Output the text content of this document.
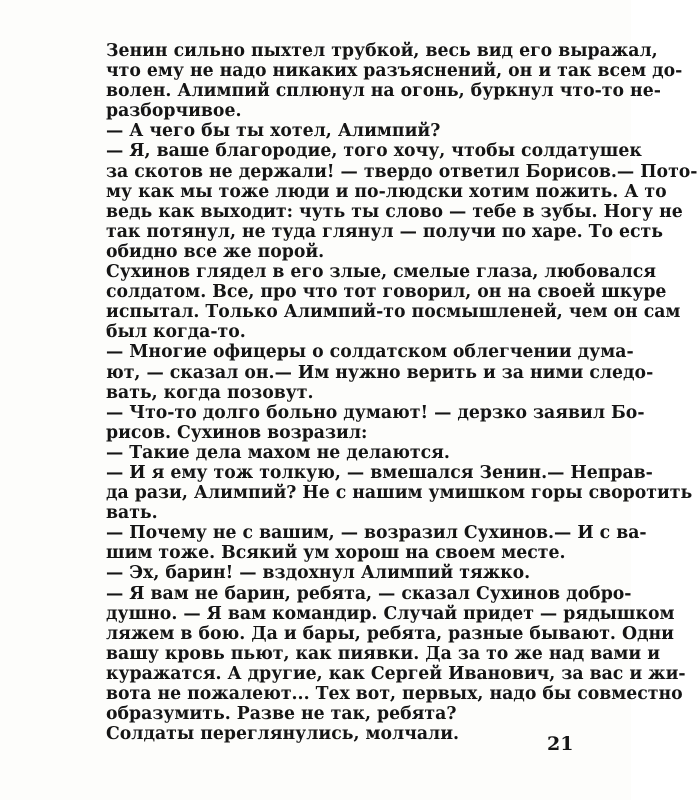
Зенин сильно пыхтел трубкой, весь вид его выражал,
что ему не надо никаких разъяснений, он и так всем до-
волен. Алимпий сплюнул на огонь, буркнул что-то не-
разборчивое.

— А чего бы ты хотел, Алимпий?

— Я, ваше благородие, того хочу, чтобы солдатушек
за скотов не держали! — твердо ответил Борисов.— Пото-
му как мы тоже люди и по-людски хотим пожить. А то
ведь как выходит: чуть ты слово — тебе в зубы. Ногу не
так потянул, не туда глянул — получи по харе. То есть
обидно все же порой.

Сухинов глядел в его злые, смелые глаза, любовался
солдатом. Все, про что тот говорил, он на своей шкуре
испытал. Только Алимпий-то посмышленей, чем он сам
был когда-то.

— Многие офицеры о солдатском облегчении дума-
ют, — сказал он.— Им нужно верить и за ними следо-
вать, когда позовут.

— Что-то долго больно думают! — дерзко заявил Бо-
рисов. Сухинов возразил:

— Такие дела махом не делаются.

— И я ему тож толкую, — вмешался Зенин.— Неправ-
да рази, Алимпий? Не с нашим умишком горы своротить
вать.

— Почему не с вашим, — возразил Сухинов.— И с ва-
шим тоже. Всякий ум хорош на своем месте.

— Эх, барин! — вздохнул Алимпий тяжко.

— Я вам не барин, ребята, — сказал Сухинов добро-
душно. — Я вам командир. Случай придет — рядышком
ляжем в бою. Да и бары, ребята, разные бывают. Одни
вашу кровь пьют, как пиявки. Да за то же над вами и
куражатся. А другие, как Сергей Иванович, за вас и жи-
вота не пожалеют... Тех вот, первых, надо бы совместно
образумить. Разве не так, ребята?

Солдаты переглянулись, молчали.	21
